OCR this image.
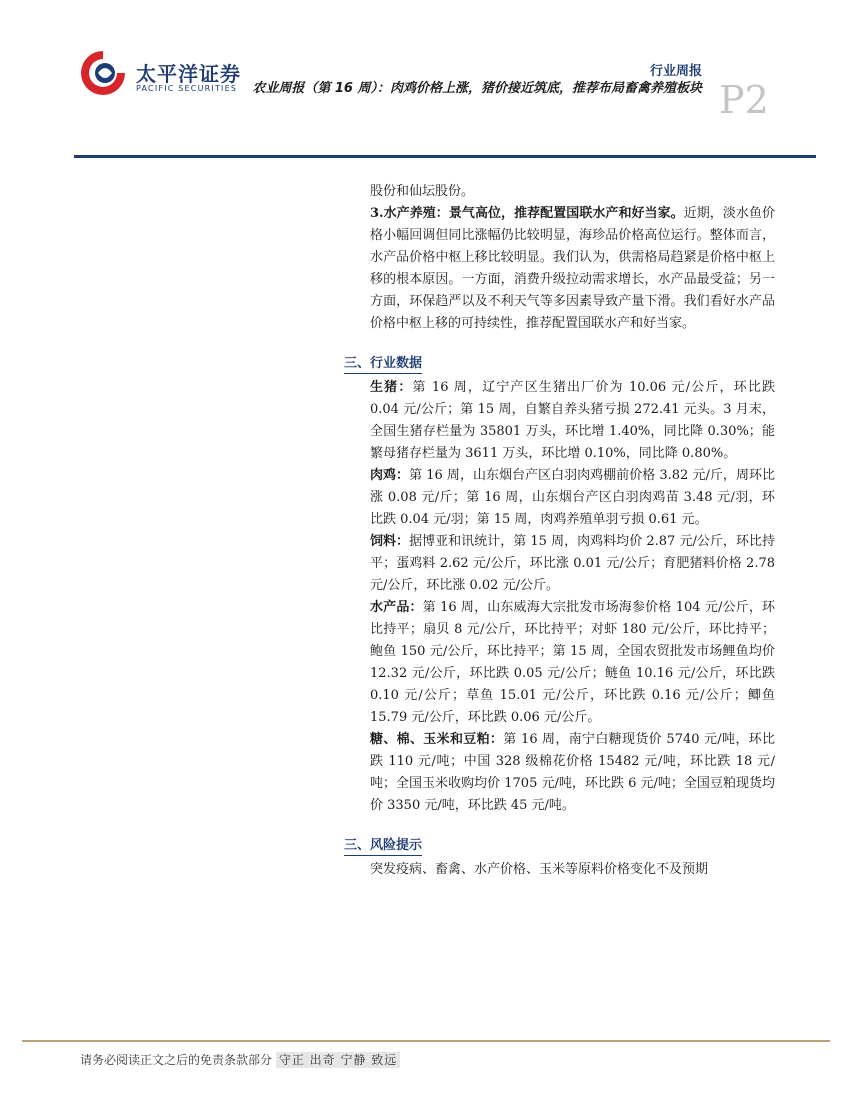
太平洋证券
PACIFIC SECURITIES
行业周报
农业周报（第 16 周）：肉鸡价格上涨，猪价接近筑底，推荐布局畜禽养殖板块 P2

股份和仙坛股份。

3.水产养殖：景气高位，推荐配置国联水产和好当家。近期，淡水鱼价格小幅回调但同比涨幅仍比较明显，海珍品价格高位运行。整体而言，水产品价格中枢上移比较明显。我们认为，供需格局趋紧是价格中枢上移的根本原因。一方面，消费升级拉动需求增长，水产品最受益；另一方面，环保趋严以及不利天气等多因素导致产量下滑。我们看好水产品价格中枢上移的可持续性，推荐配置国联水产和好当家。

三、行业数据

生猪：第 16 周，辽宁产区生猪出厂价为 10.06 元/公斤，环比跌 0.04 元/公斤；第 15 周，自繁自养头猪亏损 272.41 元头。3 月末，全国生猪存栏量为 35801 万头，环比增 1.40%，同比降 0.30%；能繁母猪存栏量为 3611 万头，环比增 0.10%，同比降 0.80%。

肉鸡：第 16 周，山东烟台产区白羽肉鸡棚前价格 3.82 元/斤，周环比涨 0.08 元/斤；第 16 周，山东烟台产区白羽肉鸡苗 3.48 元/羽，环比跌 0.04 元/羽；第 15 周，肉鸡养殖单羽亏损 0.61 元。

饲料：据博亚和讯统计，第 15 周，肉鸡料均价 2.87 元/公斤，环比持平；蛋鸡料 2.62 元/公斤，环比涨 0.01 元/公斤；育肥猪料价格 2.78 元/公斤，环比涨 0.02 元/公斤。

水产品：第 16 周，山东威海大宗批发市场海参价格 104 元/公斤，环比持平；扇贝 8 元/公斤，环比持平；对虾 180 元/公斤，环比持平；鲍鱼 150 元/公斤，环比持平；第 15 周，全国农贸批发市场鲤鱼均价 12.32 元/公斤，环比跌 0.05 元/公斤；鲢鱼 10.16 元/公斤，环比跌 0.10 元/公斤；草鱼 15.01 元/公斤，环比跌 0.16 元/公斤；鲫鱼 15.79 元/公斤，环比跌 0.06 元/公斤。

糖、棉、玉米和豆粕：第 16 周，南宁白糖现货价 5740 元/吨，环比跌 110 元/吨；中国 328 级棉花价格 15482 元/吨，环比跌 18 元/吨；全国玉米收购均价 1705 元/吨，环比跌 6 元/吨；全国豆粕现货均价 3350 元/吨，环比跌 45 元/吨。

三、风险提示

突发疫病、畜禽、水产价格、玉米等原料价格变化不及预期

请务必阅读正文之后的免责条款部分 守正 出奇 宁静 致远
